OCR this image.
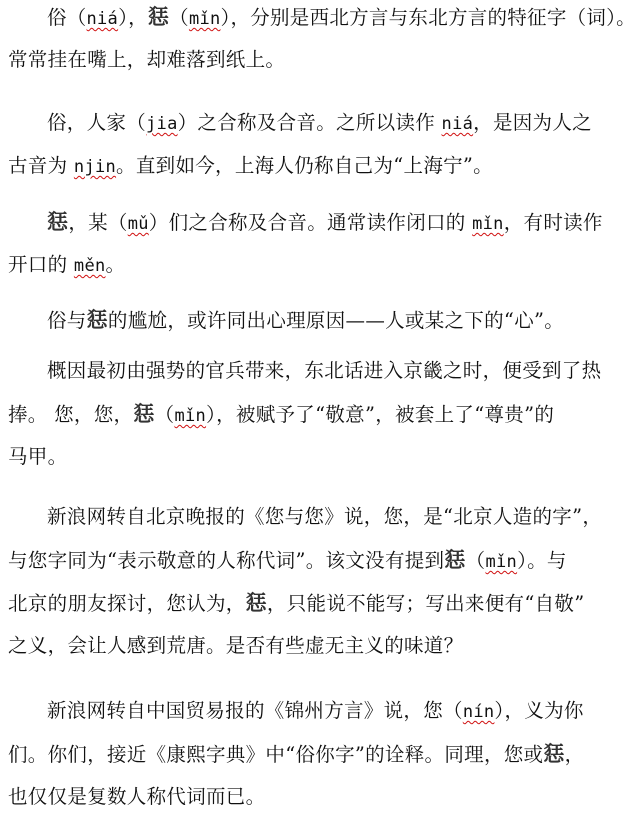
俗（niá），㤮（mǐn），分别是西北方言与东北方言的特征字（词）。
常常挂在嘴上，却难落到纸上。
俗，人家（jia）之合称及合音。之所以读作 niá，是因为人之
古音为 njin。直到如今，上海人仍称自己为“上海宁”。
㤮，某（mǔ）们之合称及合音。通常读作闭口的 mǐn，有时读作
开口的 měn。
俗与㤮的尴尬，或许同出心理原因——人或某之下的“心”。
概因最初由强势的官兵带来，东北话进入京畿之时，便受到了热
捧。 您，您，㤮（mǐn），被赋予了“敬意”，被套上了“尊贵”的
马甲。
新浪网转自北京晚报的《您与您》说，您，是“北京人造的字”，
与您字同为“表示敬意的人称代词”。该文没有提到㤮（mǐn）。与
北京的朋友探讨，您认为，㤮，只能说不能写；写出来便有“自敬”
之义，会让人感到荒唐。是否有些虚无主义的味道？
新浪网转自中国贸易报的《锦州方言》说，您（nín），义为你
们。你们，接近《康熙字典》中“俗你字”的诠释。同理，您或㤮，
也仅仅是复数人称代词而已。
